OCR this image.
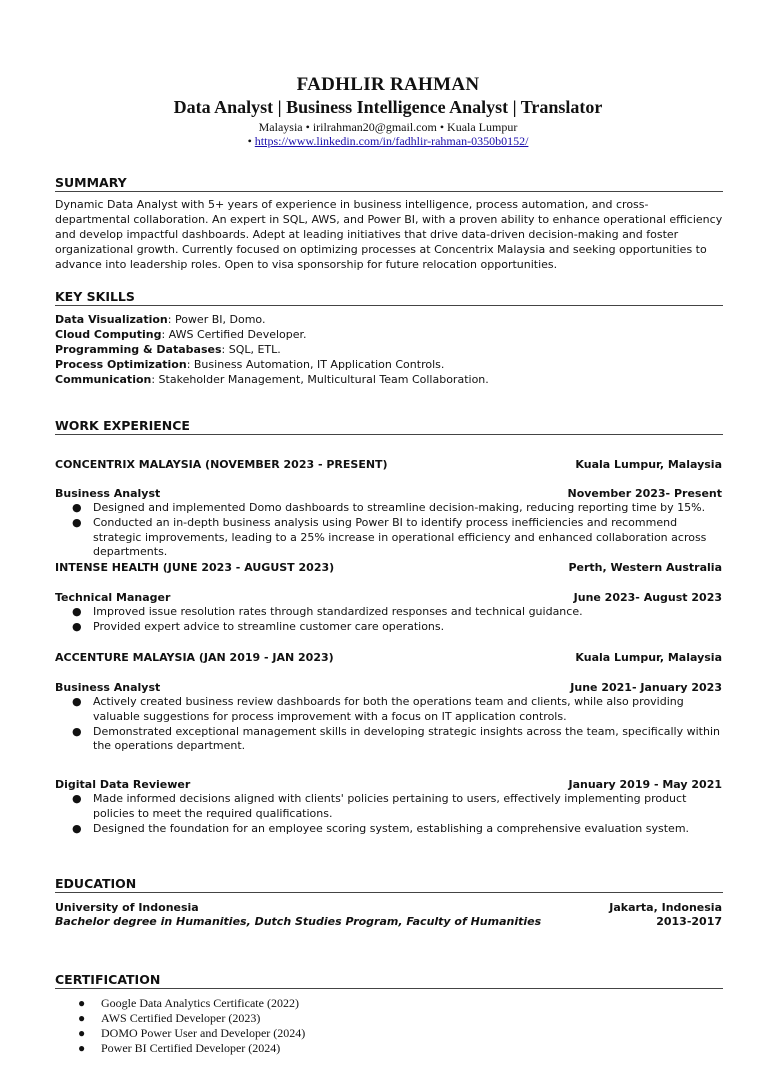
FADHLIR RAHMAN
Data Analyst | Business Intelligence Analyst | Translator
Malaysia • irilrahman20@gmail.com • Kuala Lumpur
• https://www.linkedin.com/in/fadhlir-rahman-0350b0152/
SUMMARY
Dynamic Data Analyst with 5+ years of experience in business intelligence, process automation, and cross-departmental collaboration. An expert in SQL, AWS, and Power BI, with a proven ability to enhance operational efficiency and develop impactful dashboards. Adept at leading initiatives that drive data-driven decision-making and foster organizational growth. Currently focused on optimizing processes at Concentrix Malaysia and seeking opportunities to advance into leadership roles. Open to visa sponsorship for future relocation opportunities.
KEY SKILLS
Data Visualization: Power BI, Domo.
Cloud Computing: AWS Certified Developer.
Programming & Databases: SQL, ETL.
Process Optimization: Business Automation, IT Application Controls.
Communication: Stakeholder Management, Multicultural Team Collaboration.
WORK EXPERIENCE
CONCENTRIX MALAYSIA (NOVEMBER 2023 - PRESENT)	Kuala Lumpur, Malaysia
Business Analyst	November 2023- Present
● Designed and implemented Domo dashboards to streamline decision-making, reducing reporting time by 15%.
● Conducted an in-depth business analysis using Power BI to identify process inefficiencies and recommend strategic improvements, leading to a 25% increase in operational efficiency and enhanced collaboration across departments.
INTENSE HEALTH (JUNE 2023 - AUGUST 2023)	Perth, Western Australia
Technical Manager	June 2023- August 2023
● Improved issue resolution rates through standardized responses and technical guidance.
● Provided expert advice to streamline customer care operations.
ACCENTURE MALAYSIA (JAN 2019 - JAN 2023)	Kuala Lumpur, Malaysia
Business Analyst	June 2021- January 2023
● Actively created business review dashboards for both the operations team and clients, while also providing valuable suggestions for process improvement with a focus on IT application controls.
● Demonstrated exceptional management skills in developing strategic insights across the team, specifically within the operations department.
Digital Data Reviewer	January 2019 - May 2021
● Made informed decisions aligned with clients' policies pertaining to users, effectively implementing product policies to meet the required qualifications.
● Designed the foundation for an employee scoring system, establishing a comprehensive evaluation system.
EDUCATION
University of Indonesia	Jakarta, Indonesia
Bachelor degree in Humanities, Dutch Studies Program, Faculty of Humanities	2013-2017
CERTIFICATION
● Google Data Analytics Certificate (2022)
● AWS Certified Developer (2023)
● DOMO Power User and Developer (2024)
● Power BI Certified Developer (2024)
